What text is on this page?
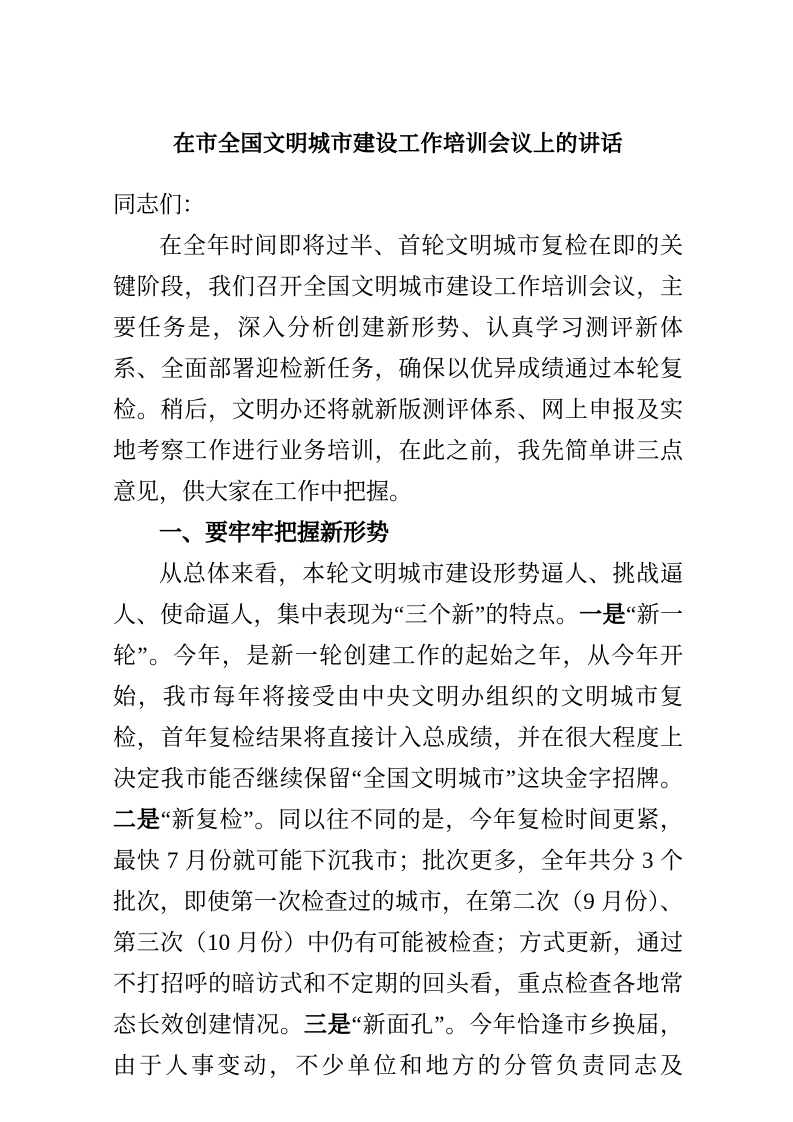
在市全国文明城市建设工作培训会议上的讲话

同志们：

在全年时间即将过半、首轮文明城市复检在即的关键阶段，我们召开全国文明城市建设工作培训会议，主要任务是，深入分析创建新形势、认真学习测评新体系、全面部署迎检新任务，确保以优异成绩通过本轮复检。稍后，文明办还将就新版测评体系、网上申报及实地考察工作进行业务培训，在此之前，我先简单讲三点意见，供大家在工作中把握。

一、要牢牢把握新形势

从总体来看，本轮文明城市建设形势逼人、挑战逼人、使命逼人，集中表现为“三个新”的特点。一是“新一轮”。今年，是新一轮创建工作的起始之年，从今年开始，我市每年将接受由中央文明办组织的文明城市复检，首年复检结果将直接计入总成绩，并在很大程度上决定我市能否继续保留“全国文明城市”这块金字招牌。二是“新复检”。同以往不同的是，今年复检时间更紧，最快 7 月份就可能下沉我市；批次更多，全年共分 3 个批次，即使第一次检查过的城市，在第二次（9 月份）、第三次（10 月份）中仍有可能被检查；方式更新，通过不打招呼的暗访式和不定期的回头看，重点检查各地常态长效创建情况。三是“新面孔”。今年恰逢市乡换届，由于人事变动，不少单位和地方的分管负责同志及
